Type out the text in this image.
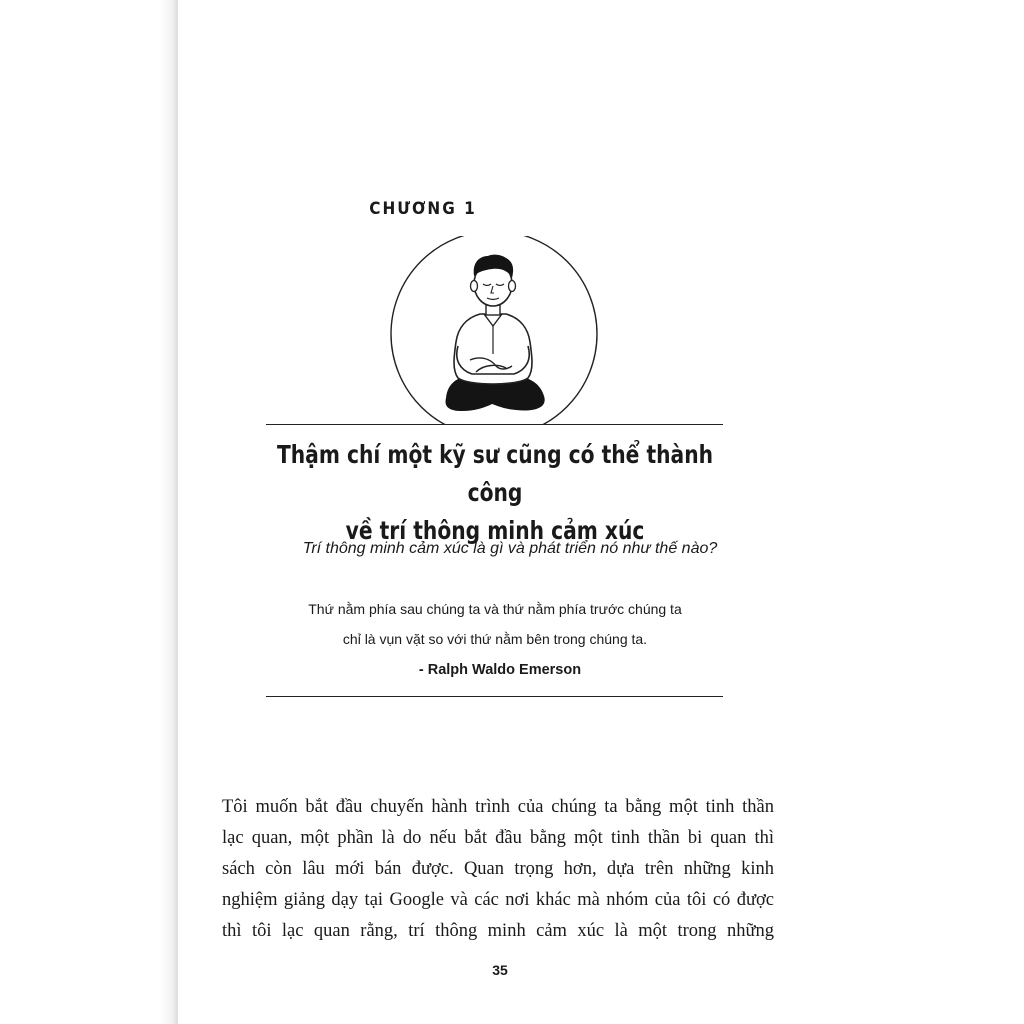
CHƯƠNG 1
Thậm chí một kỹ sư cũng có thể thành công
về trí thông minh cảm xúc
Trí thông minh cảm xúc là gì và phát triển nó như thế nào?
Thứ nằm phía sau chúng ta và thứ nằm phía trước chúng ta
chỉ là vụn vặt so với thứ nằm bên trong chúng ta.
- Ralph Waldo Emerson
Tôi muốn bắt đầu chuyến hành trình của chúng ta bằng một tinh thần
lạc quan, một phần là do nếu bắt đầu bằng một tinh thần bi quan thì
sách còn lâu mới bán được. Quan trọng hơn, dựa trên những kinh
nghiệm giảng dạy tại Google và các nơi khác mà nhóm của tôi có được
thì tôi lạc quan rằng, trí thông minh cảm xúc là một trong những
35
